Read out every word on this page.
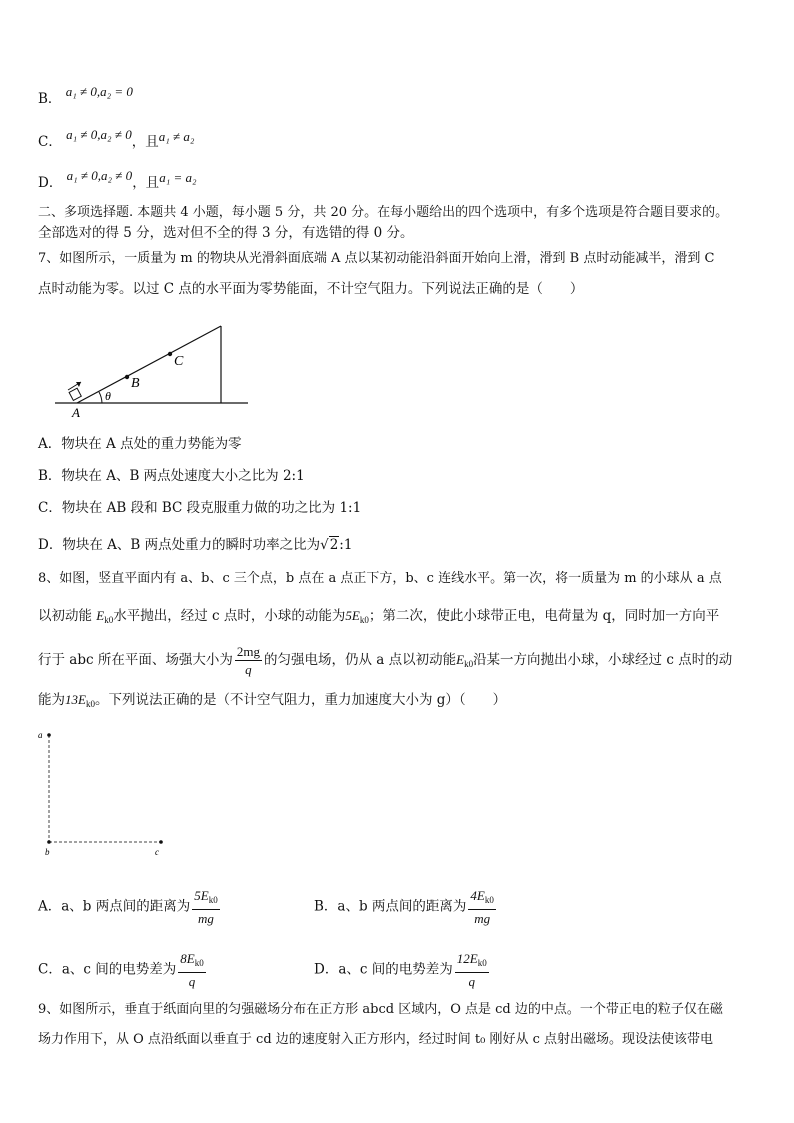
B． a₁ ≠ 0,a₂ = 0
C． a₁ ≠ 0,a₂ ≠ 0，且a₁ ≠ a₂
D． a₁ ≠ 0,a₂ ≠ 0，且a₁ = a₂
二、多项选择题. 本题共 4 小题，每小题 5 分，共 20 分。在每小题给出的四个选项中，有多个选项是符合题目要求的。
全部选对的得 5 分，选对但不全的得 3 分，有选错的得 0 分。
7、如图所示，一质量为 m 的物块从光滑斜面底端 A 点以某初动能沿斜面开始向上滑，滑到 B 点时动能减半，滑到 C
点时动能为零。以过 C 点的水平面为零势能面，不计空气阻力。下列说法正确的是（　　）
A
B
C
θ
A．物块在 A 点处的重力势能为零
B．物块在 A、B 两点处速度大小之比为 2:1
C．物块在 AB 段和 BC 段克服重力做的功之比为 1:1
D．物块在 A、B 两点处重力的瞬时功率之比为√2:1
8、如图，竖直平面内有 a、b、c 三个点，b 点在 a 点正下方，b、c 连线水平。第一次，将一质量为 m 的小球从 a 点
以初动能 $E_{k0}$水平抛出，经过 c 点时，小球的动能为$5E_{k0}$；第二次，使此小球带正电，电荷量为 q，同时加一方向平
行于 abc 所在平面、场强大小为 $\frac{2mg}{q}$ 的匀强电场，仍从 a 点以初动能$E_{k0}$沿某一方向抛出小球，小球经过 c 点时的动
能为$13E_{k0}$。下列说法正确的是（不计空气阻力，重力加速度大小为 g）（　　）
a
b	c
A．a、b 两点间的距离为 $\frac{5E_{k0}}{mg}$	B．a、b 两点间的距离为 $\frac{4E_{k0}}{mg}$
C．a、c 间的电势差为 $\frac{8E_{k0}}{q}$	D．a、c 间的电势差为 $\frac{12E_{k0}}{q}$
9、如图所示，垂直于纸面向里的匀强磁场分布在正方形 abcd 区域内，O 点是 cd 边的中点。一个带正电的粒子仅在磁
场力作用下，从 O 点沿纸面以垂直于 cd 边的速度射入正方形内，经过时间 t₀ 刚好从 c 点射出磁场。现设法使该带电
